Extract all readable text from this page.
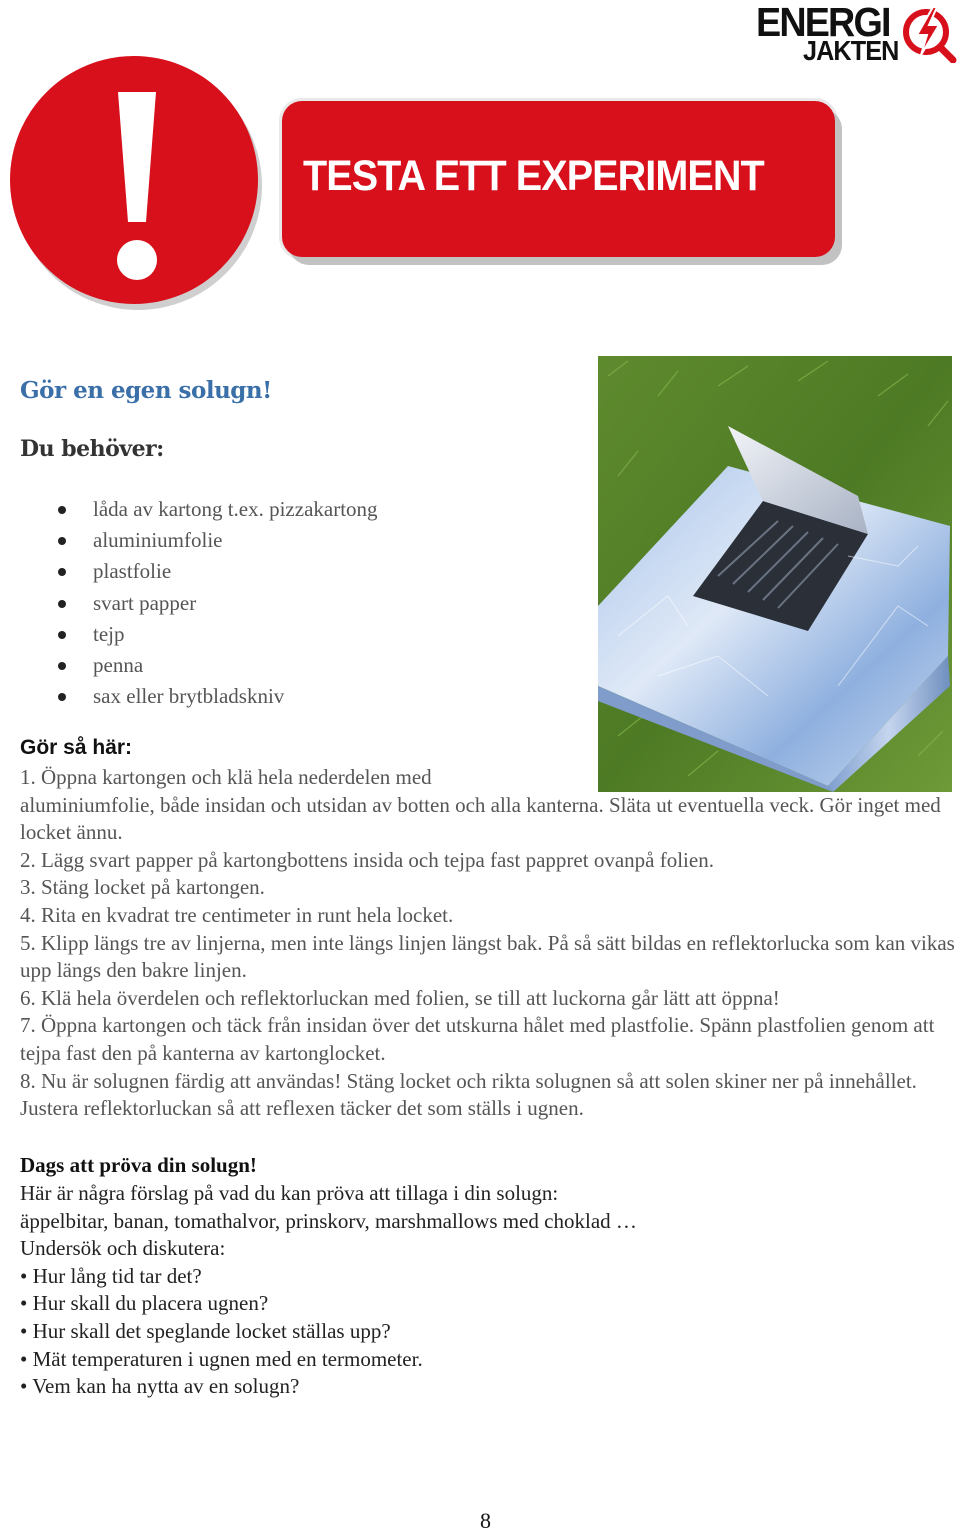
TESTA ETT EXPERIMENT
ENERGI
JAKTEN
Gör en egen solugn!
Du behöver:
låda av kartong t.ex. pizzakartong
aluminiumfolie
plastfolie
svart papper
tejp
penna
sax eller brytbladskniv
Gör så här:

1. Öppna kartongen och klä hela nederdelen med

aluminiumfolie, både insidan och utsidan av botten och alla kanterna. Släta ut eventuella veck. Gör inget med locket ännu.

2. Lägg svart papper på kartongbottens insida och tejpa fast pappret ovanpå folien.

3. Stäng locket på kartongen.

4. Rita en kvadrat tre centimeter in runt hela locket.

5. Klipp längs tre av linjerna, men inte längs linjen längst bak. På så sätt bildas en reflektorlucka som kan vikas upp längs den bakre linjen.

6. Klä hela överdelen och reflektorluckan med folien, se till att luckorna går lätt att öppna!

7. Öppna kartongen och täck från insidan över det utskurna hålet med plastfolie. Spänn plastfolien genom att tejpa fast den på kanterna av kartonglocket.

8. Nu är solugnen färdig att användas! Stäng locket och rikta solugnen så att solen skiner ner på innehållet. Justera reflektorluckan så att reflexen täcker det som ställs i ugnen.

Dags att pröva din solugn!

Här är några förslag på vad du kan pröva att tillaga i din solugn:

äppelbitar, banan, tomathalvor, prinskorv, marshmallows med choklad …

Undersök och diskutera:

• Hur lång tid tar det?

• Hur skall du placera ugnen?

• Hur skall det speglande locket ställas upp?

• Mät temperaturen i ugnen med en termometer.

• Vem kan ha nytta av en solugn?

8
